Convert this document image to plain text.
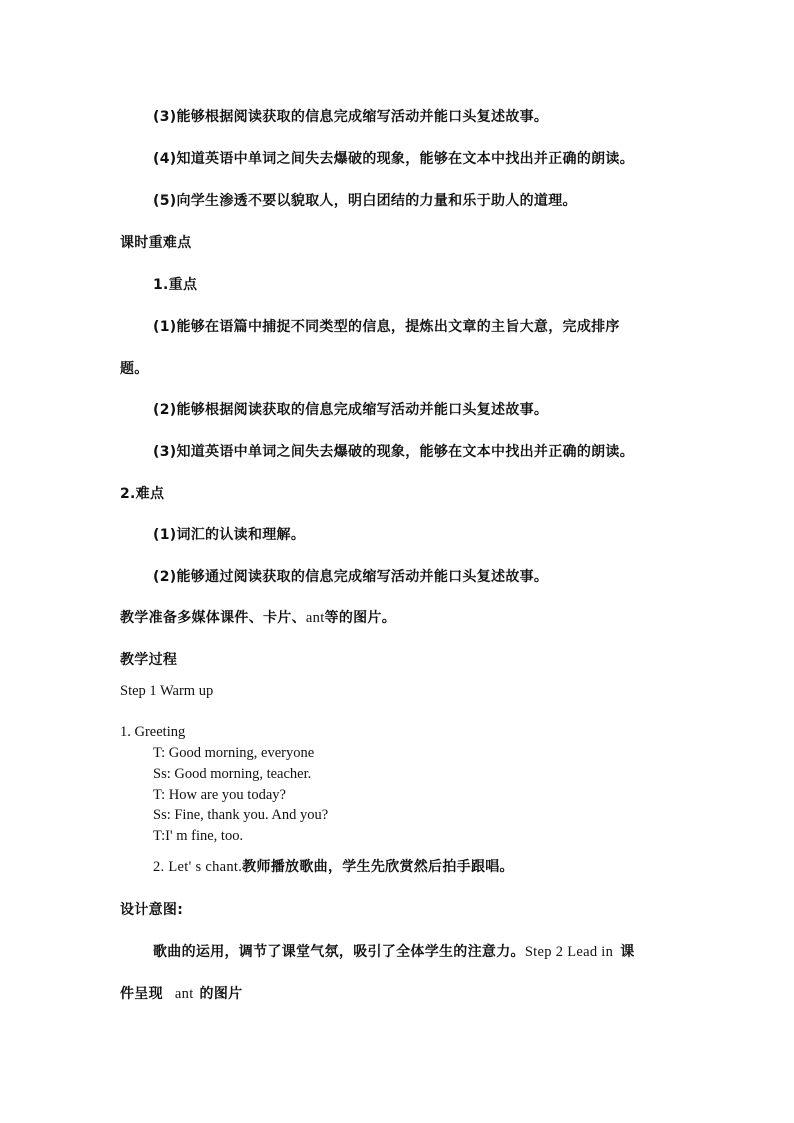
(3)能够根据阅读获取的信息完成缩写活动并能口头复述故事。
(4)知道英语中单词之间失去爆破的现象，能够在文本中找出并正确的朗读。
(5)向学生渗透不要以貌取人，明白团结的力量和乐于助人的道理。
课时重难点
1.重点
(1)能够在语篇中捕捉不同类型的信息，提炼出文章的主旨大意，完成排序
题。
(2)能够根据阅读获取的信息完成缩写活动并能口头复述故事。
(3)知道英语中单词之间失去爆破的现象，能够在文本中找出并正确的朗读。
2.难点
(1)词汇的认读和理解。
(2)能够通过阅读获取的信息完成缩写活动并能口头复述故事。
教学准备多媒体课件、卡片、ant等的图片。
教学过程
Step 1 Warm up
1. Greeting
T: Good morning, everyone
Ss: Good morning, teacher.
T: How are you today?
Ss: Fine, thank you. And you?
T:I' m fine, too.
2. Let' s chant.教师播放歌曲，学生先欣赏然后拍手跟唱。
设计意图:
歌曲的运用，调节了课堂气氛，吸引了全体学生的注意力。Step 2 Lead in 课
件呈现 ant 的图片
